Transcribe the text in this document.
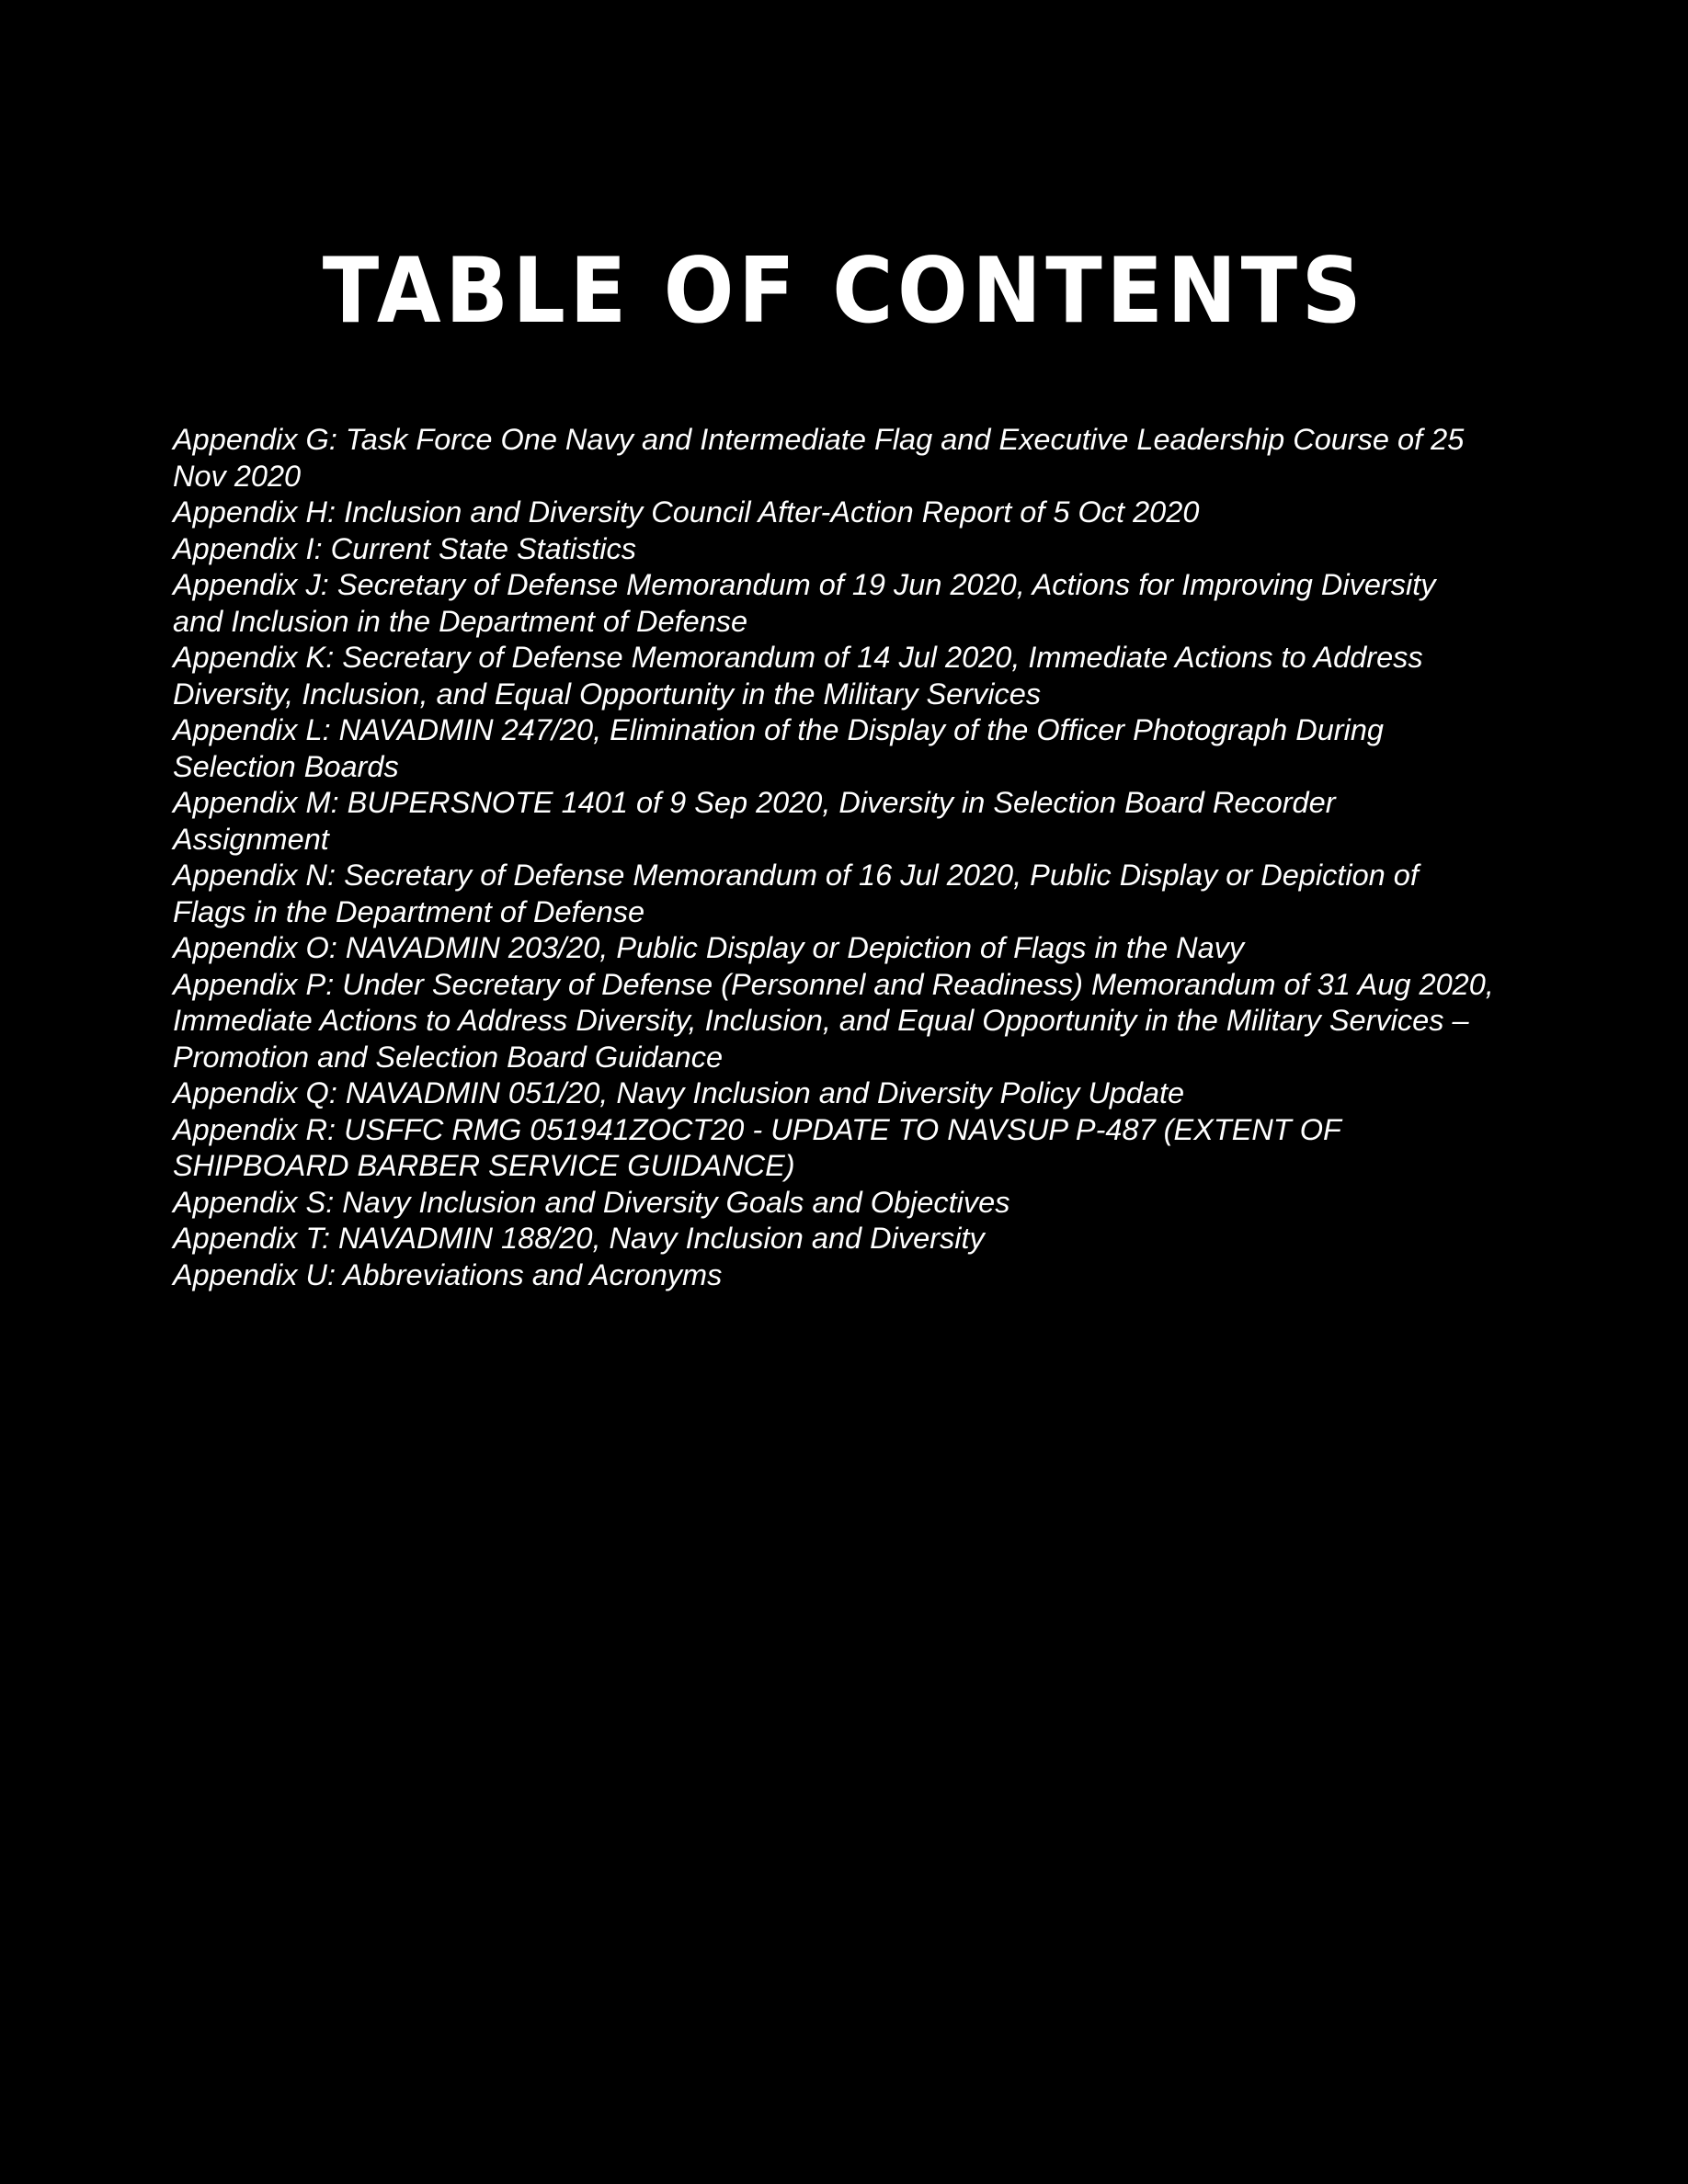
TABLE OF CONTENTS
Appendix G: Task Force One Navy and Intermediate Flag and Executive Leadership Course of 25
Nov 2020
Appendix H: Inclusion and Diversity Council After-Action Report of 5 Oct 2020
Appendix I: Current State Statistics
Appendix J: Secretary of Defense Memorandum of 19 Jun 2020, Actions for Improving Diversity
and Inclusion in the Department of Defense
Appendix K: Secretary of Defense Memorandum of 14 Jul 2020, Immediate Actions to Address
Diversity, Inclusion, and Equal Opportunity in the Military Services
Appendix L: NAVADMIN 247/20, Elimination of the Display of the Officer Photograph During
Selection Boards
Appendix M: BUPERSNOTE 1401 of 9 Sep 2020, Diversity in Selection Board Recorder
Assignment
Appendix N: Secretary of Defense Memorandum of 16 Jul 2020, Public Display or Depiction of
Flags in the Department of Defense
Appendix O: NAVADMIN 203/20, Public Display or Depiction of Flags in the Navy
Appendix P: Under Secretary of Defense (Personnel and Readiness) Memorandum of 31 Aug 2020,
Immediate Actions to Address Diversity, Inclusion, and Equal Opportunity in the Military Services –
Promotion and Selection Board Guidance
Appendix Q: NAVADMIN 051/20, Navy Inclusion and Diversity Policy Update
Appendix R: USFFC RMG 051941ZOCT20 - UPDATE TO NAVSUP P-487 (EXTENT OF
SHIPBOARD BARBER SERVICE GUIDANCE)
Appendix S: Navy Inclusion and Diversity Goals and Objectives
Appendix T: NAVADMIN 188/20, Navy Inclusion and Diversity
Appendix U: Abbreviations and Acronyms
